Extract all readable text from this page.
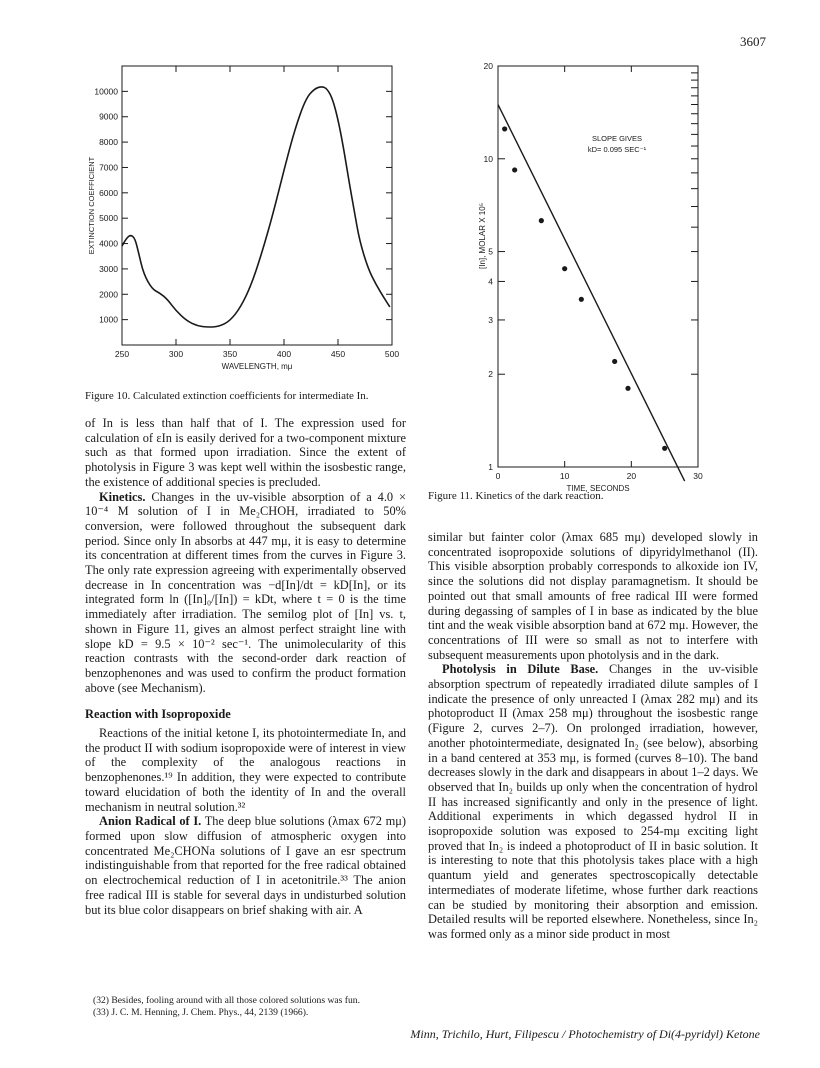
3607
1000
2000
3000
4000
5000
6000
7000
8000
9000
10000
250	300	350	400	450	500
WAVELENGTH, mμ
EXTINCTION COEFFICIENT
Figure 10. Calculated extinction coefficients for intermediate In.
1
2
3
4
5
10
20
0	10	20	30
TIME, SECONDS
[In], MOLAR X 10⁵
SLOPE GIVES
kD= 0.095 SEC⁻¹
Figure 11. Kinetics of the dark reaction.

of In is less than half that of I. The expression used for calculation of εIn is easily derived for a two-component mixture such as that formed upon irradiation. Since the extent of photolysis in Figure 3 was kept well within the isosbestic range, the existence of additional species is precluded.

Kinetics. Changes in the uv-visible absorption of a 4.0 × 10⁻⁴ M solution of I in Me₂CHOH, irradiated to 50% conversion, were followed throughout the subsequent dark period. Since only In absorbs at 447 mμ, it is easy to determine its concentration at different times from the curves in Figure 3. The only rate expression agreeing with experimentally observed decrease in In concentration was −d[In]/dt = kD[In], or its integrated form ln ([In]₀/[In]) = kDt, where t = 0 is the time immediately after irradiation. The semilog plot of [In] vs. t, shown in Figure 11, gives an almost perfect straight line with slope kD = 9.5 × 10⁻² sec⁻¹. The unimolecularity of this reaction contrasts with the second-order dark reaction of benzophenones and was used to confirm the product formation above (see Mechanism).

Reaction with Isopropoxide

Reactions of the initial ketone I, its photointermediate In, and the product II with sodium isopropoxide were of interest in view of the complexity of the analogous reactions in benzophenones.¹⁹ In addition, they were expected to contribute toward elucidation of both the identity of In and the overall mechanism in neutral solution.³²

Anion Radical of I. The deep blue solutions (λmax 672 mμ) formed upon slow diffusion of atmospheric oxygen into concentrated Me₂CHONa solutions of I gave an esr spectrum indistinguishable from that reported for the free radical obtained on electrochemical reduction of I in acetonitrile.³³ The anion free radical III is stable for several days in undisturbed solution but its blue color disappears on brief shaking with air. A

similar but fainter color (λmax 685 mμ) developed slowly in concentrated isopropoxide solutions of dipyridylmethanol (II). This visible absorption probably corresponds to alkoxide ion IV, since the solutions did not display paramagnetism. It should be pointed out that small amounts of free radical III were formed during degassing of samples of I in base as indicated by the blue tint and the weak visible absorption band at 672 mμ. However, the concentrations of III were so small as not to interfere with subsequent measurements upon photolysis and in the dark.

Photolysis in Dilute Base. Changes in the uv-visible absorption spectrum of repeatedly irradiated dilute samples of I indicate the presence of only unreacted I (λmax 282 mμ) and its photoproduct II (λmax 258 mμ) throughout the isosbestic range (Figure 2, curves 2–7). On prolonged irradiation, however, another photointermediate, designated In₂ (see below), absorbing in a band centered at 353 mμ, is formed (curves 8–10). The band decreases slowly in the dark and disappears in about 1–2 days. We observed that In₂ builds up only when the concentration of hydrol II has increased significantly and only in the presence of light. Additional experiments in which degassed hydrol II in isopropoxide solution was exposed to 254-mμ exciting light proved that In₂ is indeed a photoproduct of II in basic solution. It is interesting to note that this photolysis takes place with a high quantum yield and generates spectroscopically detectable intermediates of moderate lifetime, whose further dark reactions can be studied by monitoring their absorption and emission. Detailed results will be reported elsewhere. Nonetheless, since In₂ was formed only as a minor side product in most

(32) Besides, fooling around with all those colored solutions was fun.
(33) J. C. M. Henning, J. Chem. Phys., 44, 2139 (1966).
Minn, Trichilo, Hurt, Filipescu / Photochemistry of Di(4-pyridyl) Ketone
